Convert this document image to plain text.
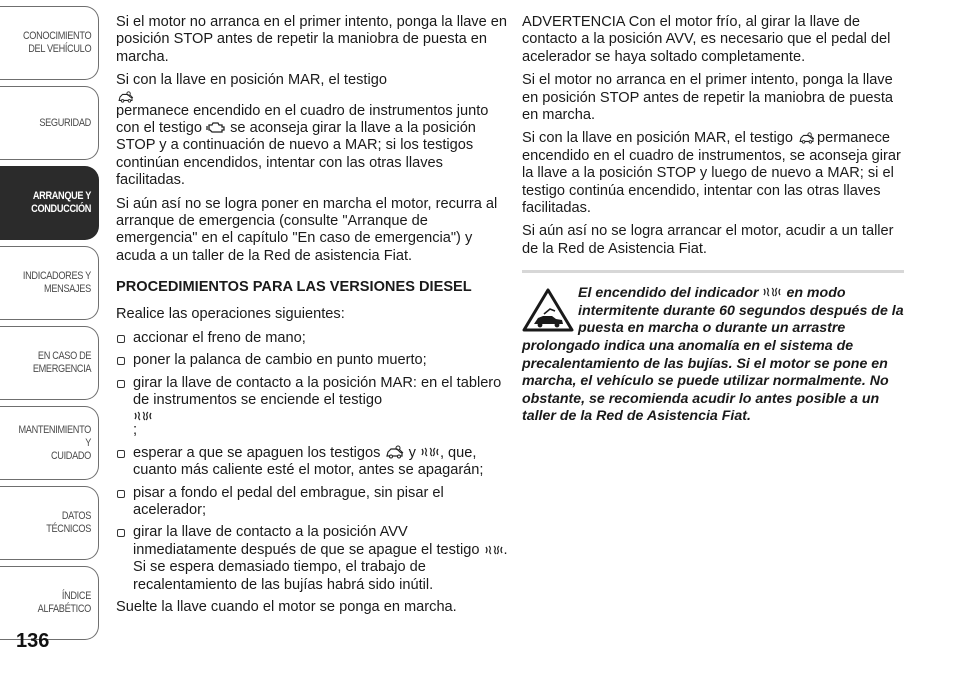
CONOCIMIENTO
DEL VEHÍCULO
SEGURIDAD
ARRANQUE Y
CONDUCCIÓN
INDICADORES Y
MENSAJES
EN CASO DE
EMERGENCIA
MANTENIMIENTO Y
CUIDADO
DATOS TÉCNICOS
ÍNDICE ALFABÉTICO
136

Si el motor no arranca en el primer intento, ponga la llave en posición STOP antes de repetir la maniobra de puesta en marcha.

Si con la llave en posición MAR, el testigo
permanece encendido en el cuadro de instrumentos junto con el testigo se aconseja girar la llave a la posición STOP y a continuación de nuevo a MAR; si los testigos continúan encendidos, intentar con las otras llaves facilitadas.

Si aún así no se logra poner en marcha el motor, recurra al arranque de emergencia (consulte "Arranque de emergencia" en el capítulo "En caso de emergencia") y acuda a un taller de la Red de asistencia Fiat.

PROCEDIMIENTOS PARA LAS VERSIONES DIESEL

Realice las operaciones siguientes:

accionar el freno de mano;
poner la palanca de cambio en punto muerto;
girar la llave de contacto a la posición MAR: en el tablero de instrumentos se enciende el testigo
;
esperar a que se apaguen los testigos y , que, cuanto más caliente esté el motor, antes se apagarán;
pisar a fondo el pedal del embrague, sin pisar el acelerador;
girar la llave de contacto a la posición AVV inmediatamente después de que se apague el testigo . Si se espera demasiado tiempo, el trabajo de recalentamiento de las bujías habrá sido inútil.

Suelte la llave cuando el motor se ponga en marcha.

ADVERTENCIA Con el motor frío, al girar la llave de contacto a la posición AVV, es necesario que el pedal del acelerador se haya soltado completamente.

Si el motor no arranca en el primer intento, ponga la llave en posición STOP antes de repetir la maniobra de puesta en marcha.

Si con la llave en posición MAR, el testigo permanece encendido en el cuadro de instrumentos, se aconseja girar la llave a la posición STOP y luego de nuevo a MAR; si el testigo continúa encendido, intentar con las otras llaves facilitadas.

Si aún así no se logra arrancar el motor, acudir a un taller de la Red de Asistencia Fiat.

El encendido del indicador en modo intermitente durante 60 segundos después de la puesta en marcha o durante un arrastre prolongado indica una anomalía en el sistema de precalentamiento de las bujías. Si el motor se pone en marcha, el vehículo se puede utilizar normalmente. No obstante, se recomienda acudir lo antes posible a un taller de la Red de Asistencia Fiat.
